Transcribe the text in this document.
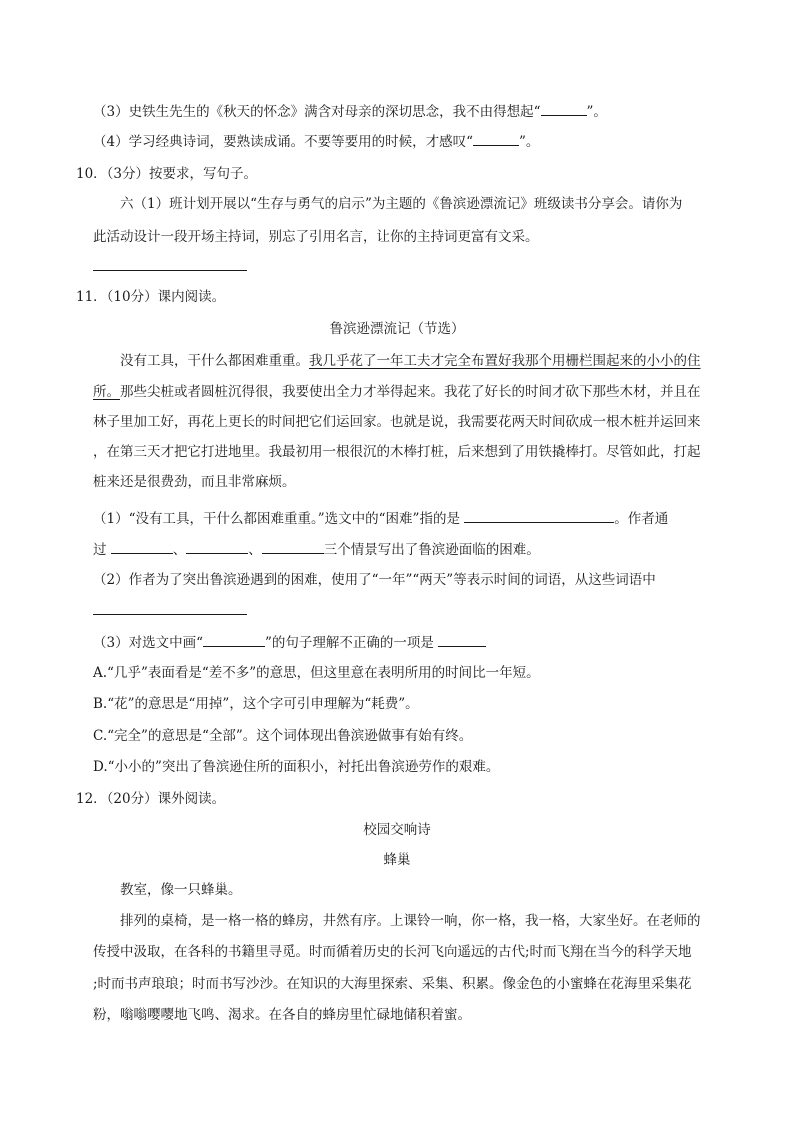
（3）史铁生先生的《秋天的怀念》满含对母亲的深切思念，我不由得想起“	”。
（4）学习经典诗词，要熟读成诵。不要等要用的时候，才感叹“	”。
10．（3分）按要求，写句子。
六（1）班计划开展以“生存与勇气的启示”为主题的《鲁滨逊漂流记》班级读书分享会。请你为
此活动设计一段开场主持词，别忘了引用名言，让你的主持词更富有文采。
11．（10分）课内阅读。
鲁滨逊漂流记（节选）
没有工具，干什么都困难重重。我几乎花了一年工夫才完全布置好我那个用栅栏围起来的小小的住
所。那些尖桩或者圆桩沉得很，我要使出全力才举得起来。我花了好长的时间才砍下那些木材，并且在
林子里加工好，再花上更长的时间把它们运回家。也就是说，我需要花两天时间砍成一根木桩并运回来
，在第三天才把它打进地里。我最初用一根很沉的木棒打桩，后来想到了用铁撬棒打。尽管如此，打起
桩来还是很费劲，而且非常麻烦。
（1）“没有工具，干什么都困难重重。”选文中的“困难”指的是	。作者通
过	、	、	三个情景写出了鲁滨逊面临的困难。
（2）作者为了突出鲁滨逊遇到的困难，使用了“一年”“两天”等表示时间的词语，从这些词语中
（3）对选文中画“	”的句子理解不正确的一项是
A.“几乎”表面看是“差不多”的意思，但这里意在表明所用的时间比一年短。
B.“花”的意思是“用掉”，这个字可引申理解为“耗费”。
C.“完全”的意思是“全部”。这个词体现出鲁滨逊做事有始有终。
D.“小小的”突出了鲁滨逊住所的面积小，衬托出鲁滨逊劳作的艰难。
12．（20分）课外阅读。
校园交响诗
蜂巢
教室，像一只蜂巢。
排列的桌椅，是一格一格的蜂房，井然有序。上课铃一响，你一格，我一格，大家坐好。在老师的
传授中汲取，在各科的书籍里寻觅。时而循着历史的长河飞向遥远的古代;时而飞翔在当今的科学天地
;时而书声琅琅；时而书写沙沙。在知识的大海里探索、采集、积累。像金色的小蜜蜂在花海里采集花
粉，嗡嗡嘤嘤地飞鸣、渴求。在各自的蜂房里忙碌地储积着蜜。
